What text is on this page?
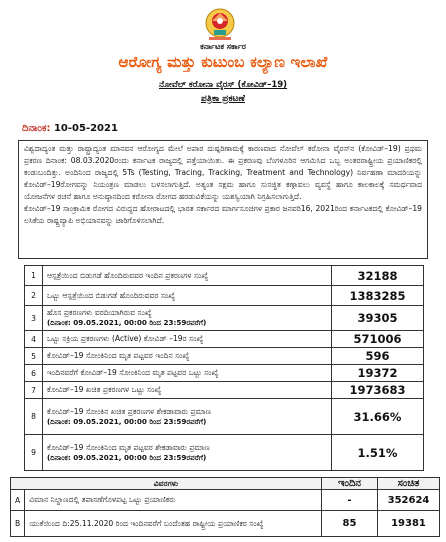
ಕರ್ನಾಟಕ ಸರ್ಕಾರ
ಆರೋಗ್ಯ ಮತ್ತು ಕುಟುಂಬ ಕಲ್ಯಾಣ ಇಲಾಖೆ
ನೋವೆಲ್ ಕರೋನಾ ವೈರಸ್ (ಕೋವಿಡ್–19)
ಪತ್ರಿಕಾ ಪ್ರಕಟಣೆ
ದಿನಾಂಕ: 10-05-2021

ವಿಶ್ವದಾದ್ಯಂತ ಮತ್ತು ರಾಷ್ಟ್ರಾದ್ಯಂತ ಮಾನವನ ಆರೋಗ್ಯದ ಮೇಲೆ ಅಪಾರ ದುಷ್ಪರಿಣಾಮಕ್ಕೆ ಕಾರಣವಾದ ನೋವೆಲ್ ಕರೋನಾ ವೈರಸ್‌ನ (ಕೋವಿಡ್–19) ಪ್ರಥಮ ಪ್ರಕರಣ ದಿನಾಂಕ: 08.03.2020ರಂದು ಕರ್ನಾಟಕ ರಾಜ್ಯದಲ್ಲಿ ಪತ್ತೆಯಾಯಿತು. ಈ ಪ್ರಕರಣವು ಬೆಂಗಳೂರಿನ ಆಗಮಿಸಿದ ಒಬ್ಬ ಅಂತರರಾಷ್ಟ್ರೀಯ ಪ್ರಯಾಣಿಕರಲ್ಲಿ ಕಂಡುಬಂದಿತ್ತು. ಅಂದಿನಿಂದ ರಾಜ್ಯದಲ್ಲಿ 5Ts (Testing, Tracing, Tracking, Treatment and Technology) ನಿರ್ವಹಣಾ ಮಾದರಿಯನ್ನು ಕೋವಿಡ್–19ರೋಗವನ್ನು ನಿಯಂತ್ರಣ ಮಾಡಲು ಬಳಸಲಾಗುತ್ತಿದೆ. ಅತ್ಯಂತ ಸಕ್ಷಮ ಹಾಗೂ ಸುಸಜ್ಜಿತ ಕಣ್ಗಾವಲು ವ್ಯವಸ್ಥೆ ಹಾಗೂ ಕಾಲಕಾಲಕ್ಕೆ ಸಮರ್ಥವಾದ ಯೋಜನೆಗಳ ರಚನೆ ಹಾಗೂ ಅನುಷ್ಠಾನದಿಂದ ಕರೋನಾ ರೋಗದ ಹರಡುವಿಕೆಯನ್ನು ಯಶಸ್ವಿಯಾಗಿ ನಿಗ್ರಹಿಸಲಾಗುತ್ತಿದೆ.

ಕೋವಿಡ್–19 ಸಾಂಕ್ರಾಮಿಕ ರೋಗದ ವಿರುದ್ಧದ ಹೋರಾಟದಲ್ಲಿ ಭಾರತ ಸರ್ಕಾರದ ಮಾರ್ಗಸೂಚಿಗಳ ಪ್ರಕಾರ ಜನವರಿ16, 2021ರಿಂದ ಕರ್ನಾಟಕದಲ್ಲಿ ಕೋವಿಡ್–19 ಲಸಿಕೆಯ ರಾಷ್ಟ್ರವ್ಯಾಪಿ ಅಭಿಯಾನವನ್ನು ಜಾರಿಗೊಳಿಸಲಾಗಿದೆ.

1	ಆಸ್ಪತ್ರೆಯಿಂದ ಬಿಡುಗಡೆ ಹೊಂದಿರುವವರ ಇಂದಿನ ಪ್ರಕರಣಗಳ ಸಂಖ್ಯೆ	32188
2	ಒಟ್ಟು ಆಸ್ಪತ್ರೆಯಿಂದ ಬಿಡುಗಡೆ ಹೊಂದಿರುವವರ ಸಂಖ್ಯೆ	1383285
3	ಹೊಸ ಪ್ರಕರಣಗಳು ವರದಿಯಾಗಿರುವ ಸಂಖ್ಯೆ
(ದಿನಾಂಕ: 09.05.2021, 00:00 ರಿಂದ 23:59ರವರೆಗೆ)	39305
4	ಒಟ್ಟು ಸಕ್ರಿಯ ಪ್ರಕರಣಗಳು (Active) ಕೋವಿಡ್ –19ರ ಸಂಖ್ಯೆ	571006
5	ಕೋವಿಡ್–19 ಸೋಂಕಿನಿಂದ ಮೃತ ಪಟ್ಟವರ ಇಂದಿನ ಸಂಖ್ಯೆ	596
6	ಇಂದಿನವರೆಗೆ ಕೋವಿಡ್–19 ಸೋಂಕಿನಿಂದ ಮೃತ ಪಟ್ಟವರ ಒಟ್ಟು ಸಂಖ್ಯೆ	19372
7	ಕೋವಿಡ್–19 ಖಚಿತ ಪ್ರಕರಣಗಳ ಒಟ್ಟು ಸಂಖ್ಯೆ	1973683
8	ಕೋವಿಡ್–19 ಸೋಂಕಿನ ಖಚಿತ ಪ್ರಕರಣಗಳ ಶೇಕಡಾವಾರು ಪ್ರಮಾಣ
(ದಿನಾಂಕ: 09.05.2021, 00:00 ರಿಂದ 23:59ರವರೆಗೆ)	31.66%
9	ಕೋವಿಡ್–19 ಸೋಂಕಿನಿಂದ ಮೃತ ಪಟ್ಟವರ ಶೇಕಡಾವಾರು ಪ್ರಮಾಣ
(ದಿನಾಂಕ: 09.05.2021, 00:00 ರಿಂದ 23:59ರವರೆಗೆ)	1.51%
ವಿವರಗಳು		ಇಂದಿನ	ಸಂಚಿತ
A	ವಿಮಾನ ನಿಲ್ದಾಣದಲ್ಲಿ ತಪಾಸಣೆಗೊಳಪಟ್ಟ ಒಟ್ಟು ಪ್ರಯಾಣಿಕರು	-	352624
B	ಯುಕೆಯಿಂದ ದಿ:25.11.2020 ರಿಂದ ಇಂದಿನವರೆಗೆ ಬಂದೆಂತಹ ರಾಷ್ಟ್ರೀಯ ಪ್ರಯಾಣಿಕರ ಸಂಖ್ಯೆ	85	19381
